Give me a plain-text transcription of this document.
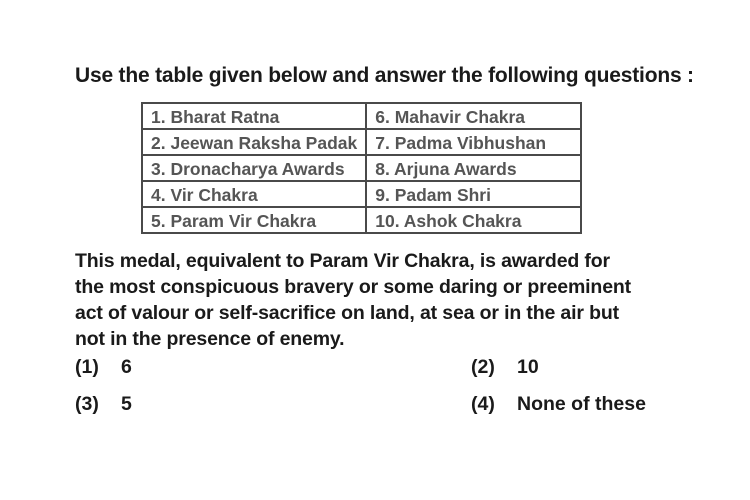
Use the table given below and answer the following questions :
1. Bharat Ratna	6. Mahavir Chakra
2. Jeewan Raksha Padak	7. Padma Vibhushan
3. Dronacharya Awards	8. Arjuna Awards
4. Vir Chakra	9. Padam Shri
5. Param Vir Chakra	10. Ashok Chakra
This medal, equivalent to Param Vir Chakra, is awarded for
the most conspicuous bravery or some daring or preeminent
act of valour or self-sacrifice on land, at sea or in the air but
not in the presence of enemy.
(1) 6	(2) 10
(3) 5	(4) None of these
